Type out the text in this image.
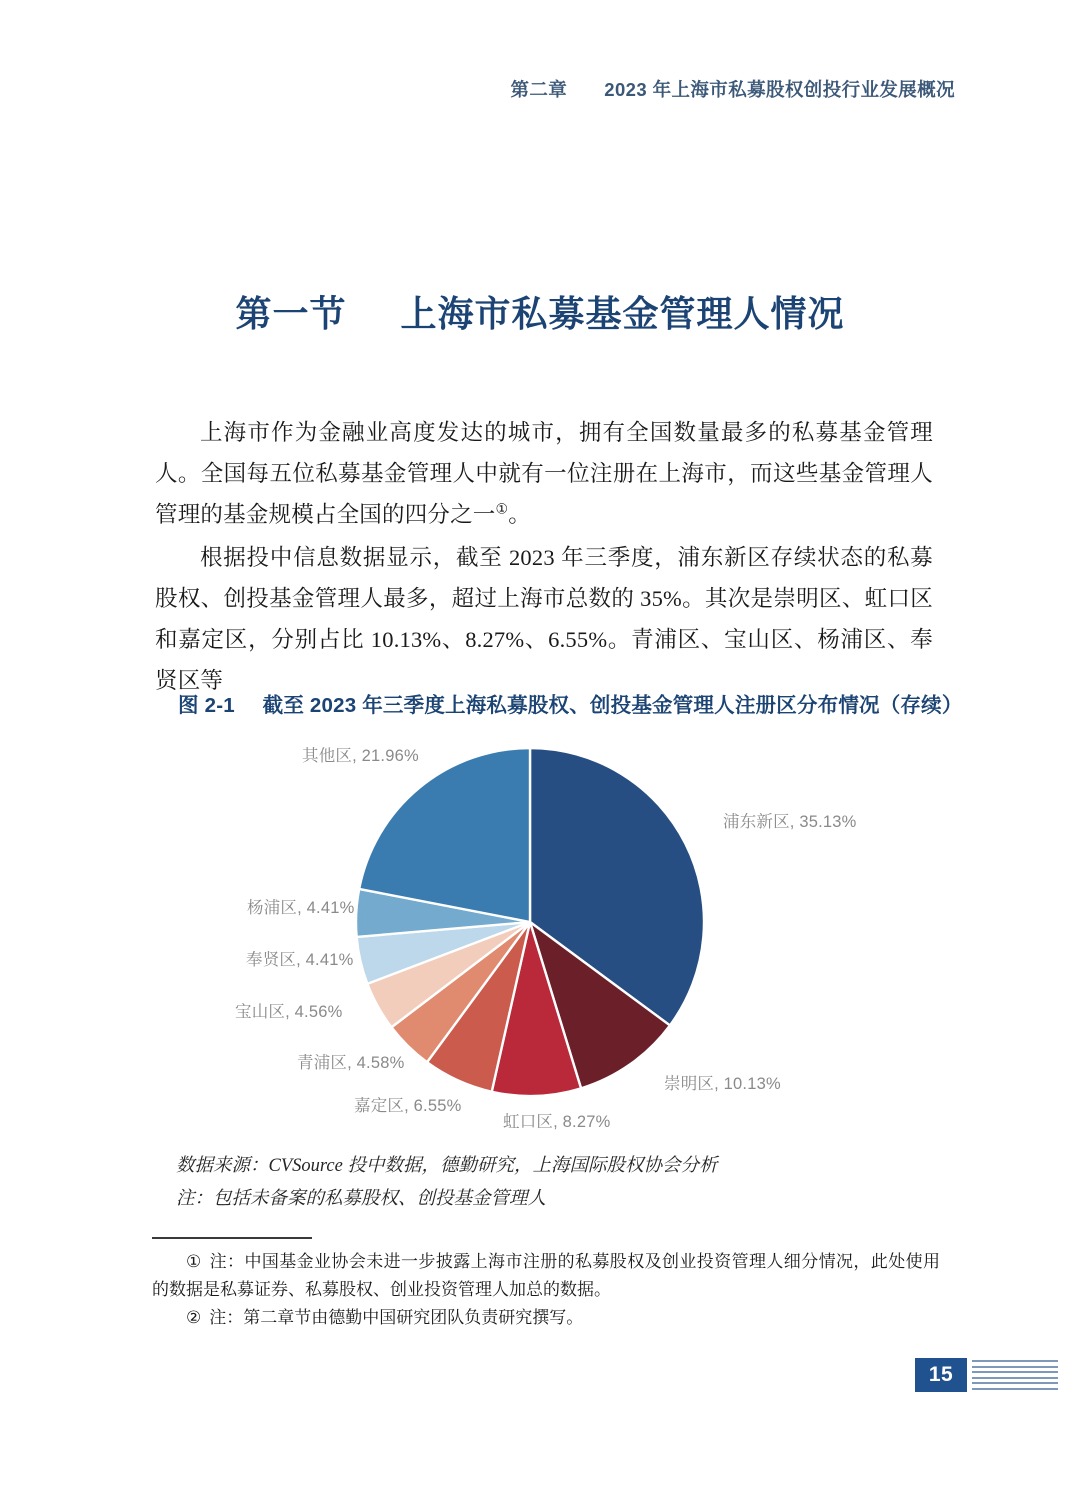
第二章 2023 年上海市私募股权创投行业发展概况
第一节 上海市私募基金管理人情况

上海市作为金融业高度发达的城市，拥有全国数量最多的私募基金管理人。全国每五位私募基金管理人中就有一位注册在上海市，而这些基金管理人管理的基金规模占全国的四分之一①。

根据投中信息数据显示，截至 2023 年三季度，浦东新区存续状态的私募股权、创投基金管理人最多，超过上海市总数的 35%。其次是崇明区、虹口区和嘉定区，分别占比 10.13%、8.27%、6.55%。青浦区、宝山区、杨浦区、奉贤区等

图 2-1 截至 2023 年三季度上海私募股权、创投基金管理人注册区分布情况（存续）
其他区, 21.96%
浦东新区, 35.13%
杨浦区, 4.41%
奉贤区, 4.41%
宝山区, 4.56%
青浦区, 4.58%
嘉定区, 6.55%
虹口区, 8.27%
崇明区, 10.13%
数据来源：CVSource 投中数据，德勤研究，上海国际股权协会分析
注：包括未备案的私募股权、创投基金管理人

① 注：中国基金业协会未进一步披露上海市注册的私募股权及创业投资管理人细分情况，此处使用的数据是私募证券、私募股权、创业投资管理人加总的数据。

② 注：第二章节由德勤中国研究团队负责研究撰写。

15
